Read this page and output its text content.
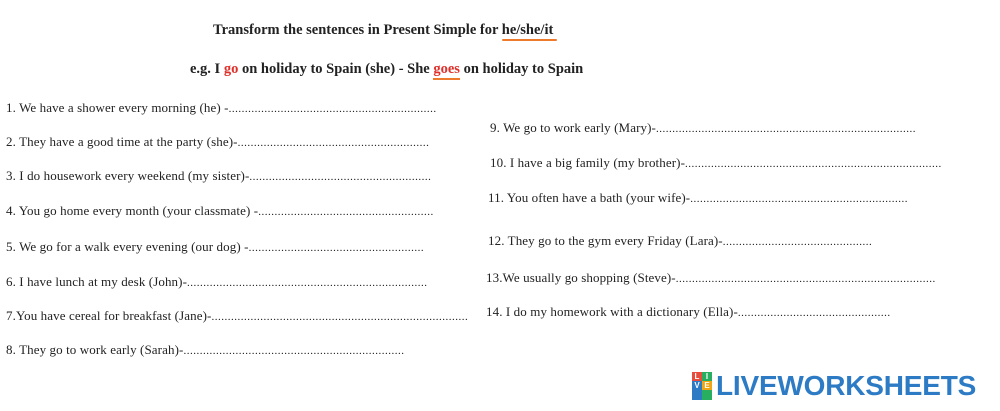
Transform the sentences in Present Simple for he/she/it
e.g. I go on holiday to Spain (she) - She goes
on holiday to Spain
1. We have a shower every morning (he) -................................................................
2. They have a good time at the party (she)-...........................................................
3. I do housework every weekend (my sister)-........................................................
4. You go home every month (your classmate) -......................................................
5. We go for a walk every evening (our dog) -......................................................
6. I have lunch at my desk (John)-..........................................................................
7.You have cereal for breakfast (Jane)-...............................................................................
8. They go to work early (Sarah)-....................................................................
9. We go to work early (Mary)-................................................................................
10. I have a big family (my brother)-...............................................................................
11. You often have a bath (your wife)-...................................................................
12. They go to the gym every Friday (Lara)-..............................................
13.We usually go shopping (Steve)-................................................................................
14. I do my homework with a dictionary (Ella)-...............................................
L I
V E LIVEWORKSHEETS
